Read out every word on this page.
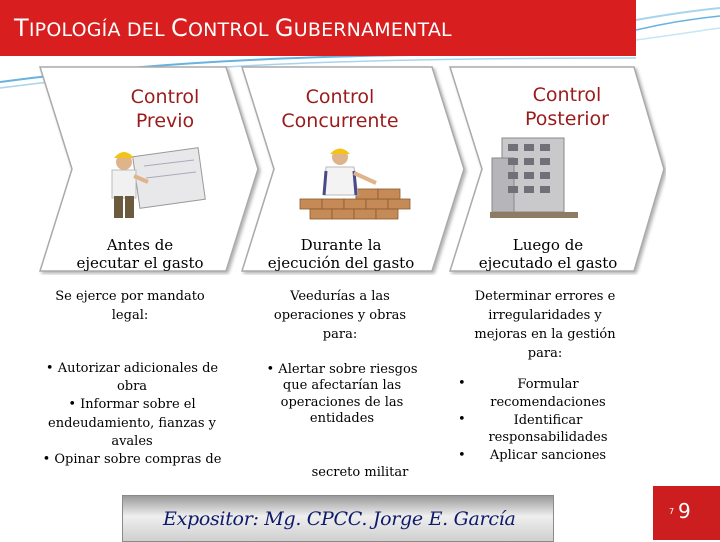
TIPOLOGÍA DEL CONTROL GUBERNAMENTAL
Control
Previo
Control
Concurrente
Control
Posterior
Antes de
ejecutar el gasto
Durante la
ejecución del gasto
Luego de
ejecutado el gasto
Se ejerce por mandato
legal:
Veedurías a las
operaciones y obras
para:
Determinar errores e
irregularidades y
mejoras en la gestión
para:
• Autorizar adicionales de
obra
• Informar sobre el
endeudamiento, fianzas y
avales
• Opinar sobre compras de
• Alertar sobre riesgos
que afectarían las
operaciones de las
entidades
secreto militar
•
•
•
Formular
recomendaciones
Identificar
responsabilidades
Aplicar sanciones
Expositor: Mg. CPCC. Jorge E. García	7 9
